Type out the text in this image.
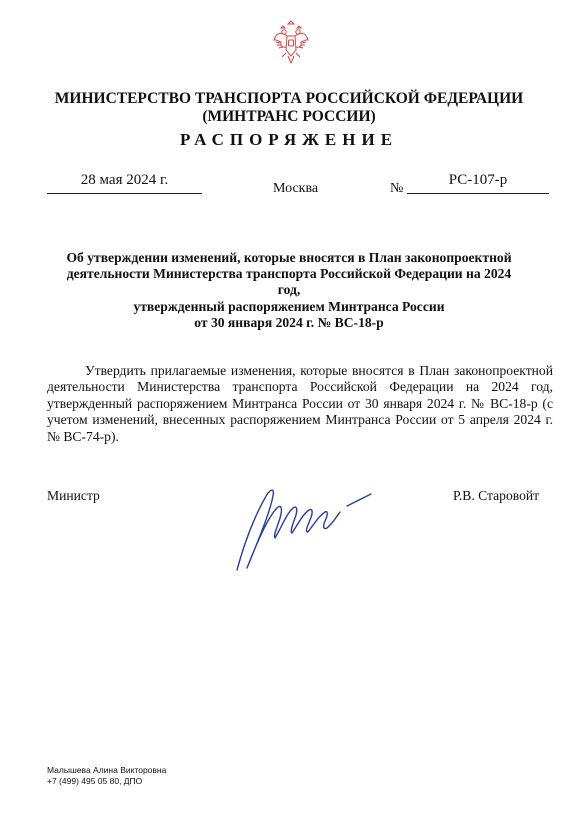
МИНИСТЕРСТВО ТРАНСПОРТА РОССИЙСКОЙ ФЕДЕРАЦИИ
(МИНТРАНС РОССИИ)
РАСПОРЯЖЕНИЕ
28 мая 2024 г.
Москва	№
РС-107-р
Об утверждении изменений, которые вносятся в План законопроектной
деятельности Министерства транспорта Российской Федерации на 2024 год,
утвержденный распоряжением Минтранса России
от 30 января 2024 г. № ВС-18-р
Утвердить прилагаемые изменения, которые вносятся в План законопроектной деятельности Министерства транспорта Российской Федерации на 2024 год, утвержденный распоряжением Минтранса России от 30 января 2024 г. № ВС-18-р (с учетом изменений, внесенных распоряжением Минтранса России от 5 апреля 2024 г. № ВС-74-р).
Министр	Р.В. Старовойт
Малышева Алина Викторовна
+7 (499) 495 05 80, ДПО
